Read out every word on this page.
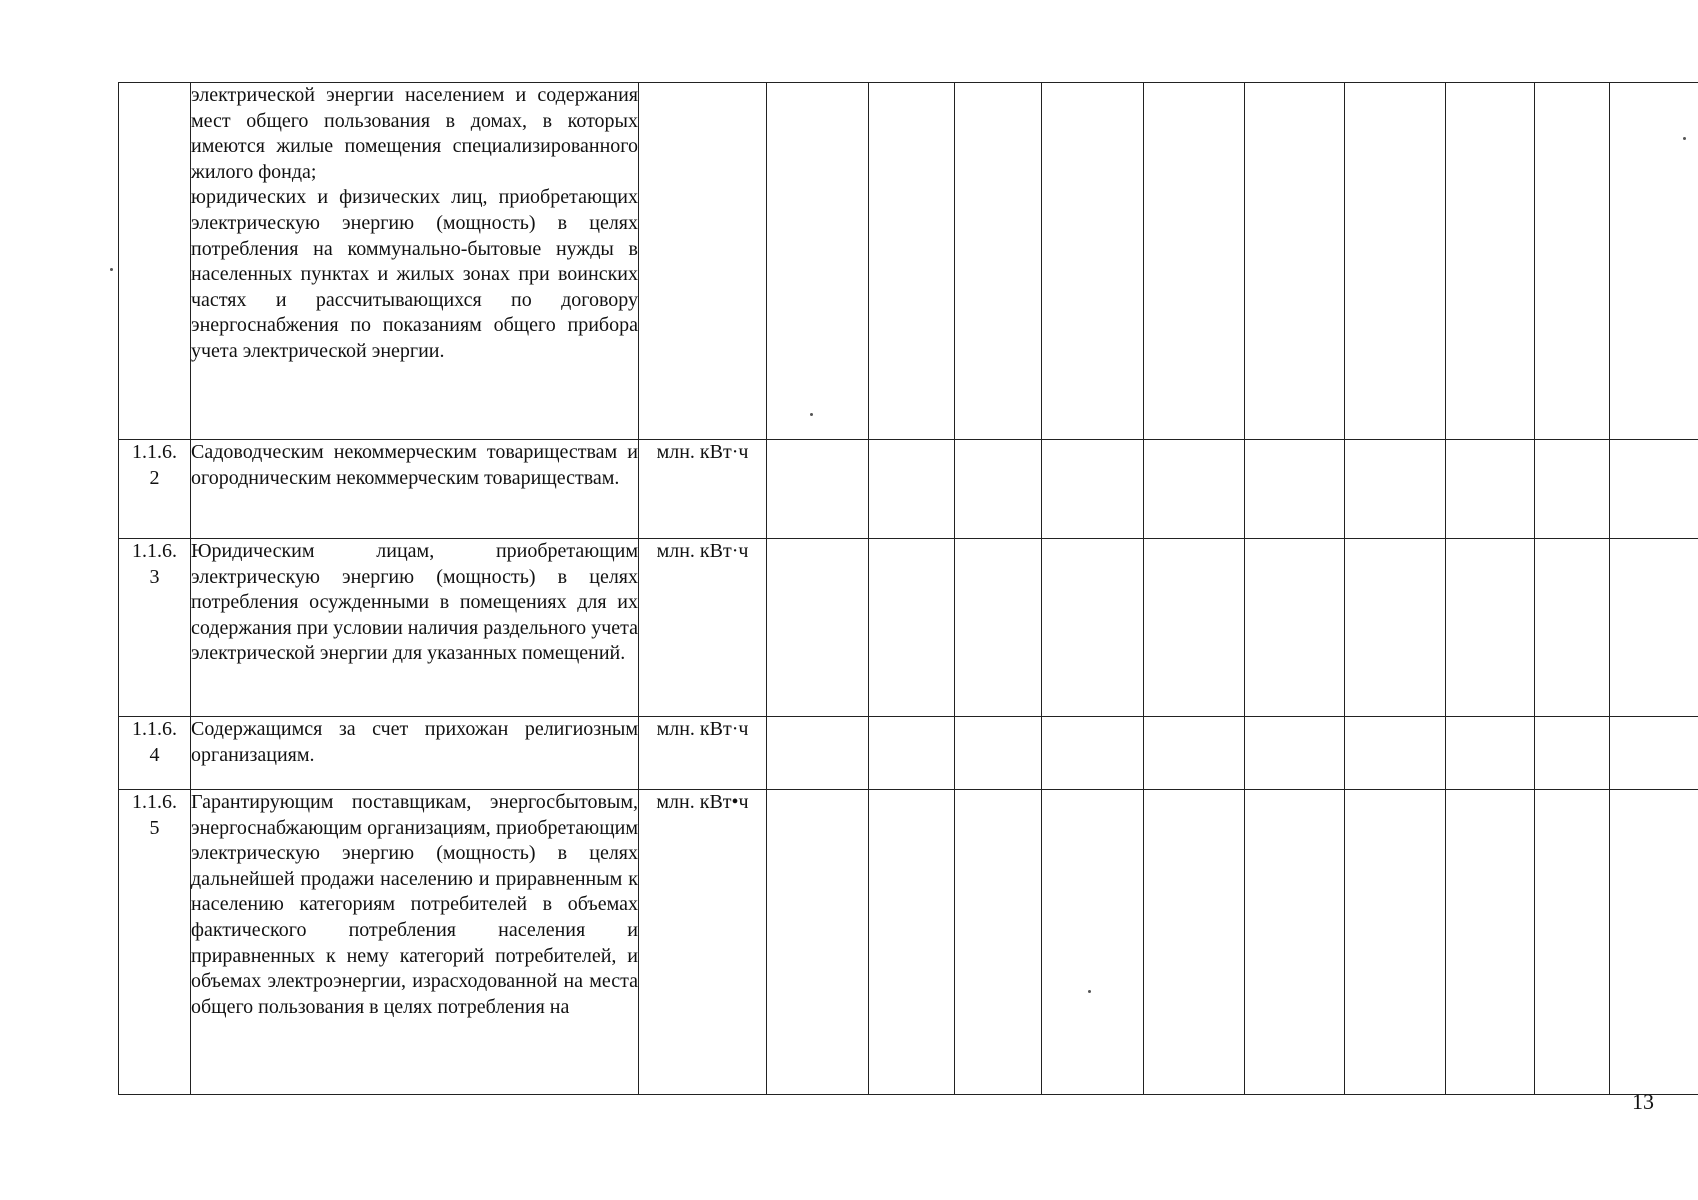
	электрической энергии населением и содержания мест общего пользования в домах, в которых имеются жилые помещения специализированного жилого фонда;
юридических и физических лиц, приобретающих электрическую энергию (мощность) в целях потребления на коммунально-бытовые нужды в населенных пунктах и жилых зонах при воинских частях и рассчитывающихся по договору энергоснабжения по показаниям общего прибора учета электрической энергии.											
1.1.6.
2	Садоводческим некоммерческим товариществам и огородническим некоммерческим товариществам.	млн. кВт·ч										
1.1.6.
3	Юридическим лицам, приобретающим электрическую энергию (мощность) в целях потребления осужденными в помещениях для их содержания при условии наличия раздельного учета электрической энергии для указанных помещений.	млн. кВт·ч										
1.1.6.
4	Содержащимся за счет прихожан религиозным организациям.	млн. кВт·ч										
1.1.6.
5	Гарантирующим поставщикам, энергосбытовым, энергоснабжающим организациям, приобретающим электрическую энергию (мощность) в целях дальнейшей продажи населению и приравненным к населению категориям потребителей в объемах фактического потребления населения и приравненных к нему категорий потребителей, и объемах электроэнергии, израсходованной на места общего пользования в целях потребления на	млн. кВт•ч										
13
